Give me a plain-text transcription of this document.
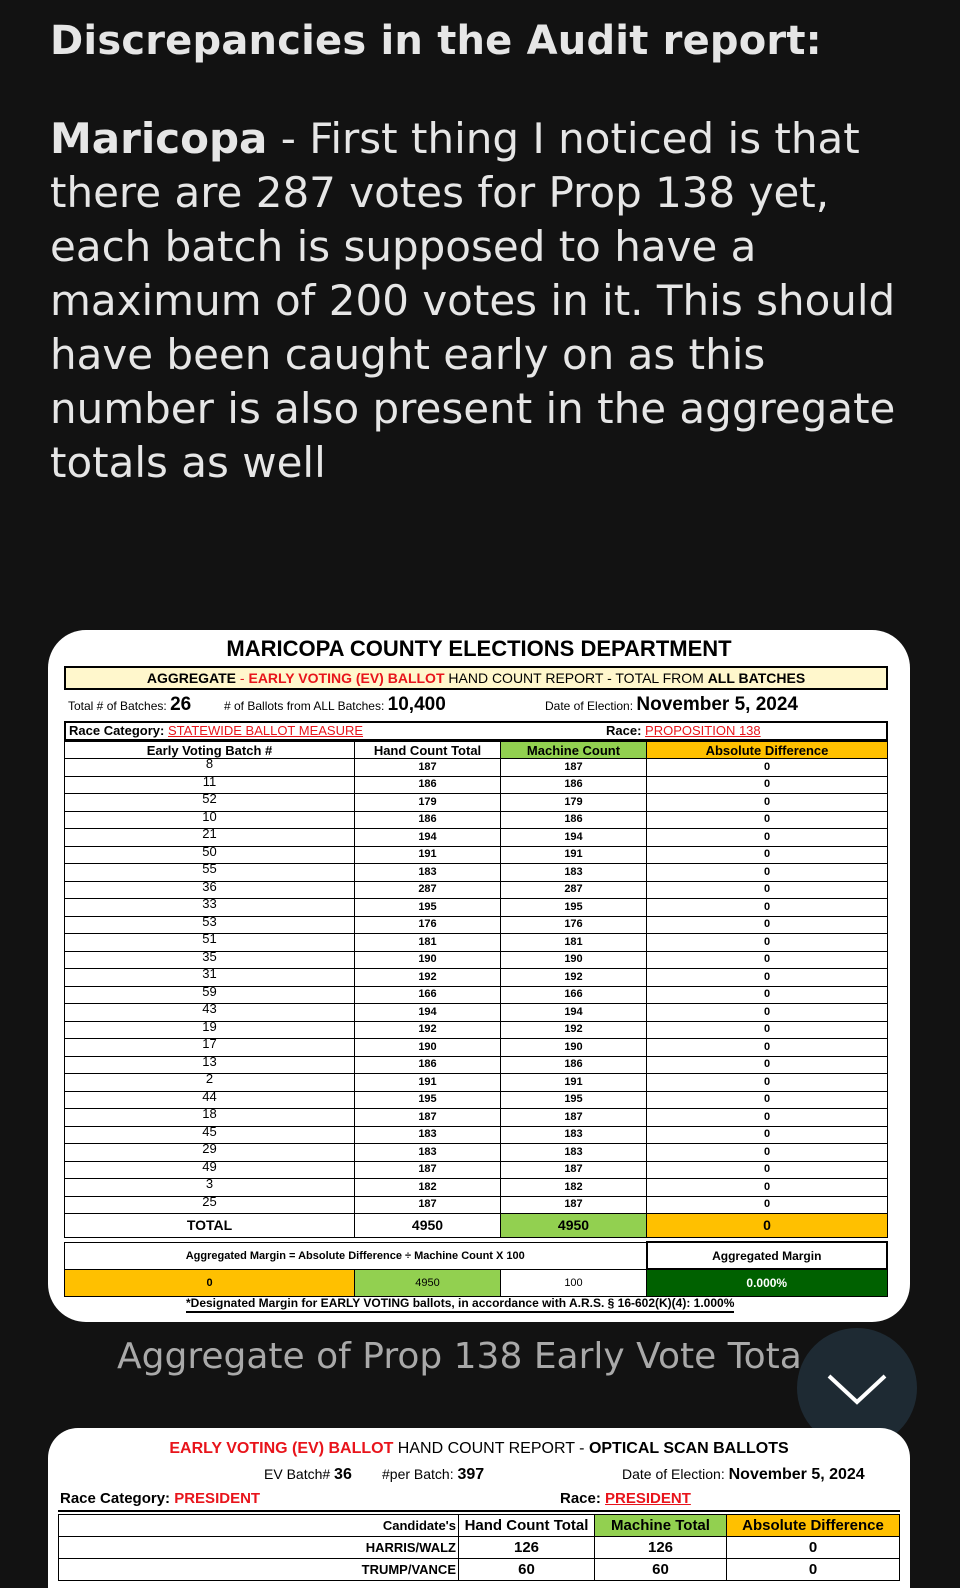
Discrepancies in the Audit report:
Maricopa - First thing I noticed is that there are 287 votes for Prop 138 yet, each batch is supposed to have a maximum of 200 votes in it. This should have been caught early on as this number is also present in the aggregate totals as well
MARICOPA COUNTY ELECTIONS DEPARTMENT
AGGREGATE - EARLY VOTING (EV) BALLOT HAND COUNT REPORT - TOTAL FROM ALL BATCHES
Total # of Batches: 26	# of Ballots from ALL Batches: 10,400	Date of Election: November 5, 2024
Race Category: STATEWIDE BALLOT MEASURE	Race: PROPOSITION 138
Early Voting Batch #	Hand Count Total	Machine Count	Absolute Difference
8	187	187	0
11	186	186	0
52	179	179	0
10	186	186	0
21	194	194	0
50	191	191	0
55	183	183	0
36	287	287	0
33	195	195	0
53	176	176	0
51	181	181	0
35	190	190	0
31	192	192	0
59	166	166	0
43	194	194	0
19	192	192	0
17	190	190	0
13	186	186	0
2	191	191	0
44	195	195	0
18	187	187	0
45	183	183	0
29	183	183	0
49	187	187	0
3	182	182	0
25	187	187	0
TOTAL	4950	4950	0
Aggregated Margin = Absolute Difference ÷ Machine Count X 100			Aggregated Margin
0	4950	100	0.000%
*Designated Margin for EARLY VOTING ballots, in accordance with A.R.S. § 16-602(K)(4): 1.000%
Aggregate of Prop 138 Early Vote Tota
EARLY VOTING (EV) BALLOT HAND COUNT REPORT - OPTICAL SCAN BALLOTS
EV Batch# 36 #per Batch: 397	Date of Election: November 5, 2024
Race Category: PRESIDENT	Race: PRESIDENT
Candidate's	Hand Count Total	Machine Total	Absolute Difference
HARRIS/WALZ	126	126	0
TRUMP/VANCE	60	60	0
